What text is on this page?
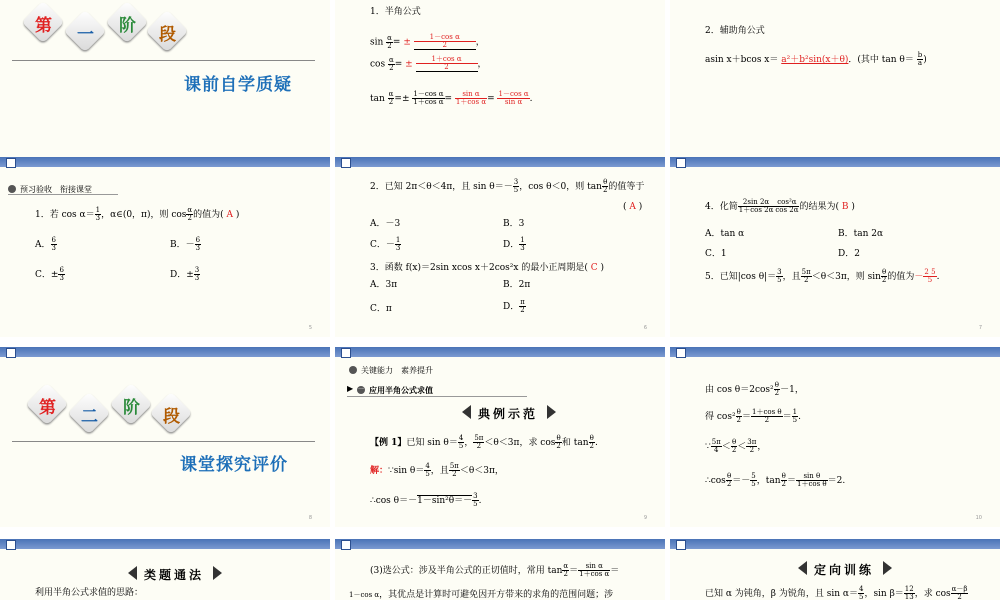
第 一 阶 段
课前自学质疑
1．半角公式
$\sin \frac{\alpha}{2}$ = ± $\frac{\text{1－cos α}}{2}$ ，
$\cos \frac{\alpha}{2}$ = ± $\frac{\text{1＋cos α}}{2}$ ，
$\tan \frac{\alpha}{2} =\pm \frac{\text{1－cos α}}{\text{1＋cos α}} = \frac{\text{sin α}}{\text{1＋cos α}} = \frac{\text{1－cos α}}{\text{sin α}}$ .
2．辅助角公式
asin x＋bcos x＝ a²＋b²sin(x＋θ)．(其中 $\tan \theta= \frac{b}{a}$ )
预习验收　衔接课堂
1．若 $\cos \alpha= \frac{1}{3}$ ，α∈(0，π)，则 $\cos \frac{\alpha}{2}$ 的值为( A )
A． $\frac{6}{3}$	B．－ $\frac{6}{3}$
C．± $\frac{6}{3}$	D．± $\frac{3}{3}$
5
2．已知 2π＜θ＜4π，且 $\sin \theta=- \frac{3}{5}$ ，cos θ＜0，则 $\tan \frac{\theta}{2}$ 的值等于
( A )
A．－3	B．3
C．－ $\frac{1}{3}$	D． $\frac{1}{3}$
3．函数 f(x)＝2sin xcos x＋2cos²x 的最小正周期是( C )
A．3π	B．2π
C．π	D． $\frac{\pi}{2}$
6
4．化简 $\frac{2\sin 2\alpha}{1+\cos 2\alpha} \frac{\text{cos²α}}{\cos 2\alpha}$ 的结果为( B )
A．tan α	B．tan 2α
C．1	D．2
5．已知|cos $\theta|= \frac{3}{5}$ ，且 $\frac{5\pi}{2} <\theta<3\pi$，则 $\sin \frac{\theta}{2}$ 的值为－ $\frac{2 5}{5}$ .
7
第 二 阶 段
课堂探究评价
8
关键能力　素养提升
▶ 一 应用半角公式求值
典例示范
【例 1】已知 $\sin \theta= \frac{4}{5}$ ， $\frac{5\pi}{2} <\theta<3\pi$，求 $\cos \frac{\theta}{2}$ 和 $\tan \frac{\theta}{2}$ .
解：∵sin $\theta= \frac{4}{5}$ ，且 $\frac{5\pi}{2} <\theta<3\pi$，
∴cos $\theta=-1-\sin^2\theta=- \frac{3}{5}$ .
9
由 $\cos \theta=2\cos^2 \frac{\theta}{2} -1$，
得 $\cos^2 \frac{\theta}{2} = \frac{\text{1＋cos θ}}{2} = \frac{1}{5}$ .
∵ $\frac{5\pi}{4} < \frac{\theta}{2} < \frac{3\pi}{2}$ ，
∴cos $\frac{\theta}{2} =- \frac{5}{5}$ ，$\tan \frac{\theta}{2} = \frac{\text{sin θ}}{\text{1＋cos θ}} =2$.
10
类题通法
利用半角公式求值的思路：
(3)选公式：涉及半角公式的正切值时，常用 $\tan \frac{\alpha}{2} = \frac{\text{sin α}}{\text{1＋cos α}}$ ＝
1－cos α，其优点是计算时可避免因开方带来的求角的范围问题；涉
定向训练
已知 α 为钝角，β 为锐角，且 $\sin \alpha= \frac{4}{5}$ ，$\sin \beta= \frac{12}{13}$ ，求 $\cos \frac{\alpha-\beta}{2}$
